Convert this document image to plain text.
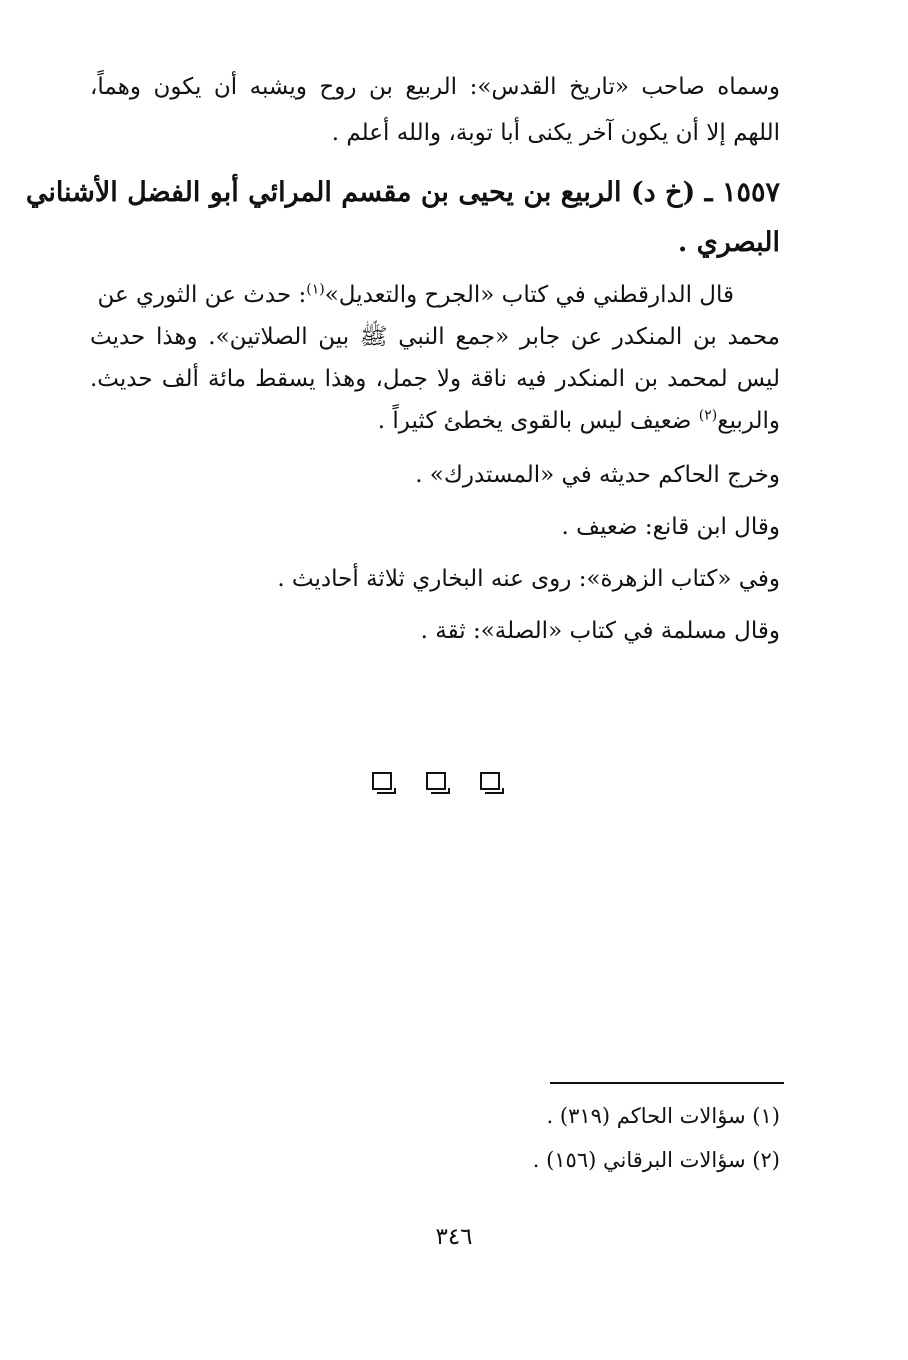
وسماه صاحب «تاريخ القدس»: الربيع بن روح ويشبه أن يكون وهماً،
اللهم إلا أن يكون آخر يكنى أبا توبة، والله أعلم .
١٥٥٧ ـ (خ د) الربيع بن يحيى بن مقسم المرائي أبو الفضل الأشناني
البصري .
قال الدارقطني في كتاب «الجرح والتعديل»$^{(١)}$: حدث عن الثوري عن
محمد بن المنكدر عن جابر «جمع النبي ﷺ بين الصلاتين». وهذا حديث
ليس لمحمد بن المنكدر فيه ناقة ولا جمل، وهذا يسقط مائة ألف حديث.
والربيع$^{(٢)}$ ضعيف ليس بالقوى يخطئ كثيراً .
وخرج الحاكم حديثه في «المستدرك» .
وقال ابن قانع: ضعيف .
وفي «كتاب الزهرة»: روى عنه البخاري ثلاثة أحاديث .
وقال مسلمة في كتاب «الصلة»: ثقة .
(١) سؤالات الحاكم (٣١٩) .
(٢) سؤالات البرقاني (١٥٦) .
٣٤٦
